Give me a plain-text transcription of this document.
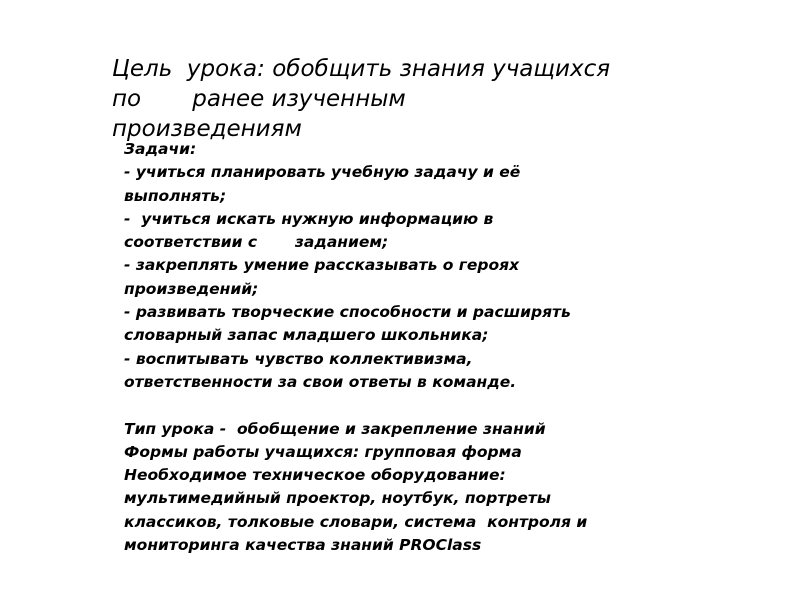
Цель  урока: обобщить знания учащихся
по       ранее изученным
произведениям
Задачи:
- учиться планировать учебную задачу и её
выполнять;
-  учиться искать нужную информацию в
соответствии с       заданием;
- закреплять умение рассказывать о героях
произведений;
- развивать творческие способности и расширять
словарный запас младшего школьника;
- воспитывать чувство коллективизма,
ответственности за свои ответы в команде.
Тип урока -  обобщение и закрепление знаний
Формы работы учащихся: групповая форма
Необходимое техническое оборудование:
мультимедийный проектор, ноутбук, портреты
классиков, толковые словари, система  контроля и
мониторинга качества знаний PROClass
